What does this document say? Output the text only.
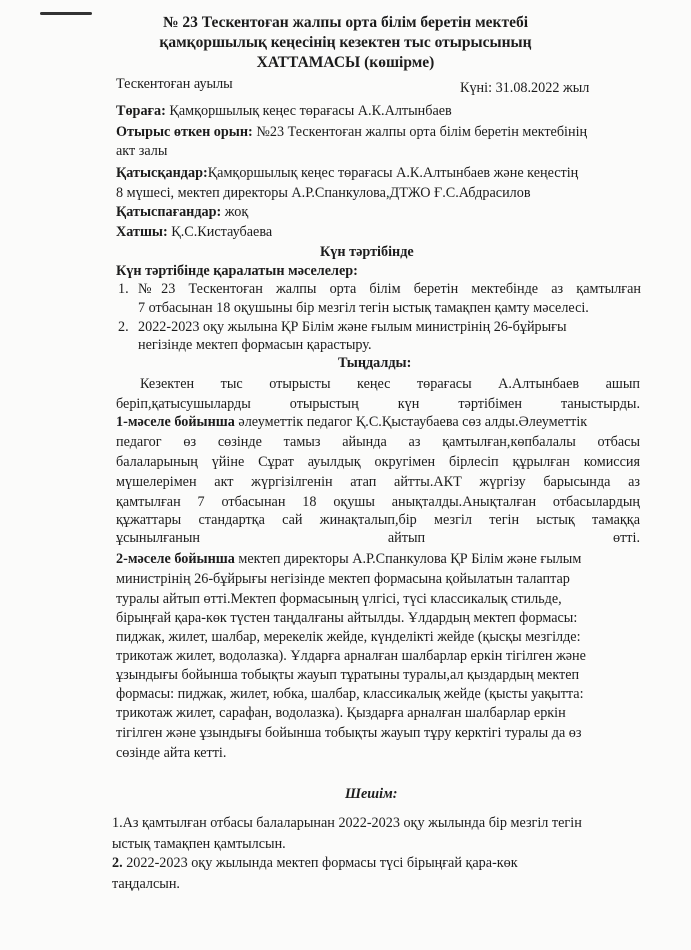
№ 23 Тескентоған жалпы орта білім беретін мектебі
қамқоршылық кеңесінің кезектен тыс отырысының
ХАТТАМАСЫ (көшірме)
Тескентоған ауылы	Күні: 31.08.2022 жыл
Төрағa: Қамқоршылық кеңес төрағасы А.К.Алтынбаев
Отырыс өткен орын: №23 Тескентоған жалпы орта білім беретін мектебінің
акт залы
Қатысқандар:Қамқоршылық кеңес төрағасы А.К.Алтынбаев және кеңестің
8 мүшесі, мектеп директоры А.Р.Спанкулова,ДТЖО Ғ.С.Абдрасилов
Қатыспағандар: жоқ
Хатшы: Қ.С.Кистаубаева
Күн тәртібінде
Күн тәртібінде қаралатын мәселелер:
1. №23 Тескентоған жалпы орта білім беретін мектебінде аз қамтылған
7 отбасынан 18 оқушыны бір мезгіл тегін ыстық тамақпен қамту мәселесі.
2. 2022-2023 оқу жылына ҚР Білім және ғылым министрінің 26-бұйрығы
негізінде мектеп формасын қарастыру.
Тыңдалды:
Кезектен тыс отырысты кеңес төрағасы А.Алтынбаев ашып
беріп,қатысушыларды отырыстың күн тәртібімен таныстырды.
1-мәселе бойынша әлеуметтік педагог Қ.С.Қыстаубаева сөз алды.Әлеуметтік
педагог өз сөзінде тамыз айында аз қамтылған,көпбалалы отбасы
балаларының үйіне Сұрат ауылдық округімен бірлесіп құрылған комиссия
мүшелерімен акт жүргізілгенін атап айтты.АКТ жүргізу барысында аз
қамтылған 7 отбасынан 18 оқушы анықталды.Анықталған отбасылардың
құжаттары стандартқа сай жинақталып,бір мезгіл тегін ыстық тамаққа
ұсынылғанын айтып өтті.
2-мәселе бойынша мектеп директоры А.Р.Спанкулова ҚР Білім және ғылым
министрінің 26-бұйрығы негізінде мектеп формасына қойылатын талаптар
туралы айтып өтті.Мектеп формасының үлгісі, түсі классикалық стильде,
бірыңғай қара-көк түстен таңдалғаны айтылды. Ұлдардың мектеп формасы:
пиджак, жилет, шалбар, мерекелік жейде, күнделікті жейде (қысқы мезгілде:
трикотаж жилет, водолазка). Ұлдарға арналған шалбарлар еркін тігілген және
ұзындығы бойынша тобықты жауып тұратыны туралы,ал қыздардың мектеп
формасы: пиджак, жилет, юбка, шалбар, классикалық жейде (қысты уақытта:
трикотаж жилет, сарафан, водолазка). Қыздарға арналған шалбарлар еркін
тігілген және ұзындығы бойынша тобықты жауып тұру керктігі туралы да өз
сөзінде айта кетті.
Шешім:
1.Аз қамтылған отбасы балаларынан 2022-2023 оқу жылында бір мезгіл тегін
ыстық тамақпен қамтылсын.
2. 2022-2023 оқу жылында мектеп формасы түсі бірыңғай қара-көк
таңдалсын.
